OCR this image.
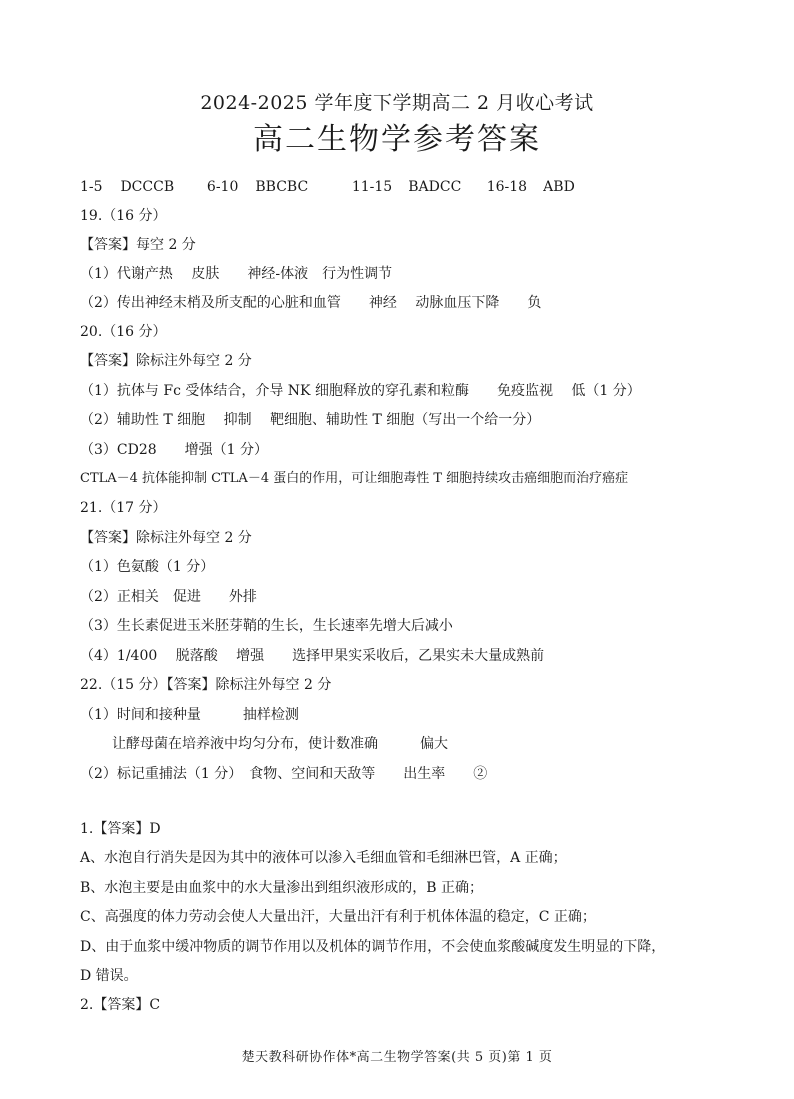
2024-2025 学年度下学期高二 2 月收心考试
高二生物学参考答案
1-5 DCCCB 6-10 BBCBC	11-15 BADCC 16-18 ABD
19.（16 分）
【答案】每空 2 分
（1）代谢产热　 皮肤　　神经-体液　行为性调节
（2）传出神经末梢及所支配的心脏和血管　　神经　 动脉血压下降　　负
20.（16 分）
【答案】除标注外每空 2 分
（1）抗体与 Fc 受体结合，介导 NK 细胞释放的穿孔素和粒酶　　免疫监视　 低（1 分）
（2）辅助性 T 细胞　 抑制　 靶细胞、辅助性 T 细胞（写出一个给一分）
（3）CD28　　增强（1 分）
CTLA－4 抗体能抑制 CTLA－4 蛋白的作用，可让细胞毒性 T 细胞持续攻击癌细胞而治疗癌症
21.（17 分）
【答案】除标注外每空 2 分
（1）色氨酸（1 分）
（2）正相关　促进　　外排
（3）生长素促进玉米胚芽鞘的生长，生长速率先增大后减小
（4）1/400　 脱落酸　 增强　　选择甲果实采收后，乙果实未大量成熟前
22.（15 分）【答案】除标注外每空 2 分
（1）时间和接种量　　　抽样检测
让酵母菌在培养液中均匀分布，使计数准确　　　偏大
（2）标记重捕法（1 分）　食物、空间和天敌等　　出生率　　②
1.【答案】D
A、水泡自行消失是因为其中的液体可以渗入毛细血管和毛细淋巴管，A 正确；
B、水泡主要是由血浆中的水大量渗出到组织液形成的，B 正确；
C、高强度的体力劳动会使人大量出汗，大量出汗有利于机体体温的稳定，C 正确；
D、由于血浆中缓冲物质的调节作用以及机体的调节作用，不会使血浆酸碱度发生明显的下降，
D 错误。
2.【答案】C
楚天教科研协作体*高二生物学答案(共 5 页)第 1 页
